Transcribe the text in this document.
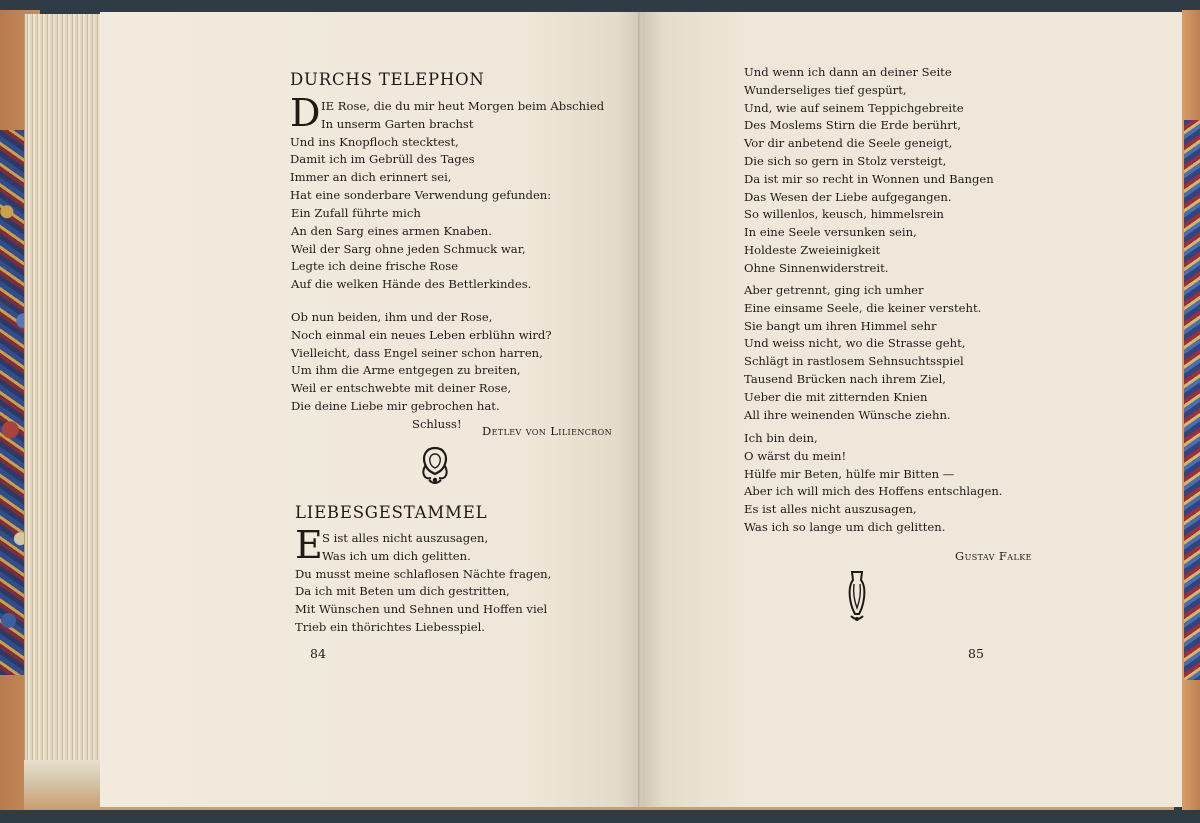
DURCHS TELEPHON
D IE Rose, die du mir heut Morgen beim Abschied
In unserm Garten brachst
Und ins Knopfloch stecktest,
Damit ich im Gebrüll des Tages
Immer an dich erinnert sei,
Hat eine sonderbare Verwendung gefunden:
Ein Zufall führte mich
An den Sarg eines armen Knaben.
Weil der Sarg ohne jeden Schmuck war,
Legte ich deine frische Rose
Auf die welken Hände des Bettlerkindes.
Ob nun beiden, ihm und der Rose,
Noch einmal ein neues Leben erblühn wird?
Vielleicht, dass Engel seiner schon harren,
Um ihm die Arme entgegen zu breiten,
Weil er entschwebte mit deiner Rose,
Die deine Liebe mir gebrochen hat.
Schluss!
Detlev von Liliencron
LIEBESGESTAMMEL
E S ist alles nicht auszusagen,
Was ich um dich gelitten.
Du musst meine schlaflosen Nächte fragen,
Da ich mit Beten um dich gestritten,
Mit Wünschen und Sehnen und Hoffen viel
Trieb ein thörichtes Liebesspiel.
84
Und wenn ich dann an deiner Seite
Wunderseliges tief gespürt,
Und, wie auf seinem Teppichgebreite
Des Moslems Stirn die Erde berührt,
Vor dir anbetend die Seele geneigt,
Die sich so gern in Stolz versteigt,
Da ist mir so recht in Wonnen und Bangen
Das Wesen der Liebe aufgegangen.
So willenlos, keusch, himmelsrein
In eine Seele versunken sein,
Holdeste Zweieinigkeit
Ohne Sinnenwiderstreit.
Aber getrennt, ging ich umher
Eine einsame Seele, die keiner versteht.
Sie bangt um ihren Himmel sehr
Und weiss nicht, wo die Strasse geht,
Schlägt in rastlosem Sehnsuchtsspiel
Tausend Brücken nach ihrem Ziel,
Ueber die mit zitternden Knien
All ihre weinenden Wünsche ziehn.
Ich bin dein,
O wärst du mein!
Hülfe mir Beten, hülfe mir Bitten —
Aber ich will mich des Hoffens entschlagen.
Es ist alles nicht auszusagen,
Was ich so lange um dich gelitten.
Gustav Falke
85
